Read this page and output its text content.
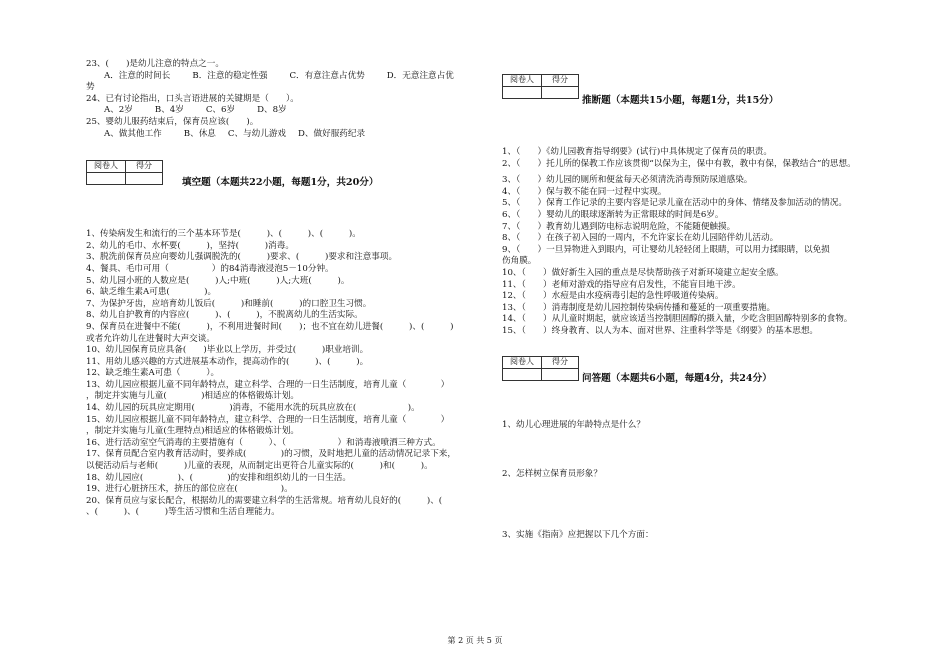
23、(　　)是幼儿注意的特点之一。

A．注意的时间长	B．注意的稳定性强	C．有意注意占优势	D．无意注意占优

势

24、已有讨论指出，口头言语进展的关键期是（　　）。

A、2岁	B、4岁	C、6岁	D、8岁

25、婴幼儿服药结束后，保育员应该(　　)。

A、做其他工作	B、休息 C、与幼儿游戏 D、做好服药纪录

阅卷人	得分

填空题（本题共22小题，每题1分，共20分）

1、传染病发生和流行的三个基本环节是(　　　)、(　　　)、(　　　)。

2、幼儿的毛巾、水杯要(　　　)，坚持(　　　)消毒。

3、脱洗前保育员应向婴幼儿强调脱洗的(　　　)要求、(　　　)要求和注意事项。

4、餐具、毛巾可用（　　　　　）的84消毒液浸泡5－10分钟。

5、幼儿园小班的人数应是(　　　)人;中班(　　　)人;大班(　　　)。

6、缺乏维生素A可患(　　　　)。

7、为保护牙齿，应培育幼儿饭后(　　　)和睡前(　　　)的口腔卫生习惯。

8、幼儿自护教育的内容应(　　　)、(　　　)，不脱离幼儿的生活实际。

9、保育员在进餐中不能(　　　)，不利用进餐时间(　　)；也不宜在幼儿进餐(　　　)、(　　　)

或者允许幼儿在进餐时大声交谈。

10、幼儿园保育员应具备(　　)毕业以上学历，并受过(　　　)职业培训。

11、用幼儿感兴趣的方式进展基本动作，提高动作的(　　　)、(　　　)。

12、缺乏维生素A可患（　　　）。

13、幼儿园应根据儿童不同年龄特点，建立科学、合理的一日生活制度，培育儿童（　　　　）

，制定并实施与儿童(　　　　)相适应的体格锻炼计划。

14、幼儿园的玩具应定期用(　　　　)消毒，不能用水洗的玩具应放在(　　　　　　)。

15、幼儿园应根据儿童不同年龄特点，建立科学、合理的一日生活制度，培育儿童（　　　　）

，制定并实施与儿童(生理特点)相适应的体格锻炼计划。

16、进行活动室空气消毒的主要措施有（　　　）、（　　　　　　）和消毒液喷洒三种方式。

17、保育员配合室内教育活动时，要养成(　　　　)的习惯，及时地把儿童的活动情况记录下来，

以便活动后与老师(　　　)儿童的表现，从而制定出更符合儿童实际的(　　　)和(　　　)。

18、幼儿园应(　　　　)、(　　　　)的安排和组织幼儿的一日生活。

19、进行心脏挤压术，挤压的部位应在(　　　　　)。

20、保育员应与家长配合，根据幼儿的需要建立科学的生活常规。培育幼儿良好的(　　　)、(　　　

、(　　　)、(　　　)等生活习惯和生活自理能力。

阅卷人	得分

推断题（本题共15小题，每题1分，共15分）

1、（　　）《幼儿园教育指导纲要》(试行)中具体规定了保育员的职责。

2、（　　）托儿所的保教工作应该贯彻“以保为主，保中有教，教中有保，保教结合”的思想。

3、（　　）幼儿园的厕所和便盆每天必须清洗消毒预防尿道感染。

4、（　　）保与教不能在同一过程中实现。

5、（　　）保育工作记录的主要内容是记录儿童在活动中的身体、情绪及参加活动的情况。

6、（　　）婴幼儿的眼球逐渐转为正常眼球的时间是6岁。

7、（　　）教育幼儿遇到防电标志说明危险，不能随便触摸。

8、（　　）在孩子初入园的一周内，不允许家长在幼儿园陪伴幼儿活动。

9、（　　）一旦异物进入到眼内，可让婴幼儿轻轻闭上眼睛，可以用力揉眼睛，以免损

伤角膜。

10、（　　）做好新生入园的重点是尽快帮助孩子对新环境建立起安全感。

11、（　　）老师对游戏的指导应有启发性，不能盲目地干涉。

12、（　　）水痘是由水疫病毒引起的急性呼吸道传染病。

13、（　　）消毒制度是幼儿园控制传染病传播和蔓延的一项重要措施。

14、（　　）从儿童时期起，就应该适当控制胆固醇的摄入量，少吃含胆固醇特别多的食物。

15、（　　）终身教育、以人为本、面对世界、注重科学等是《纲要》的基本思想。

阅卷人	得分

问答题（本题共6小题，每题4分，共24分）

1、幼儿心理进展的年龄特点是什么？

2、怎样树立保育员形象？

3、实施《指南》应把握以下几个方面：

第 2 页 共 5 页
